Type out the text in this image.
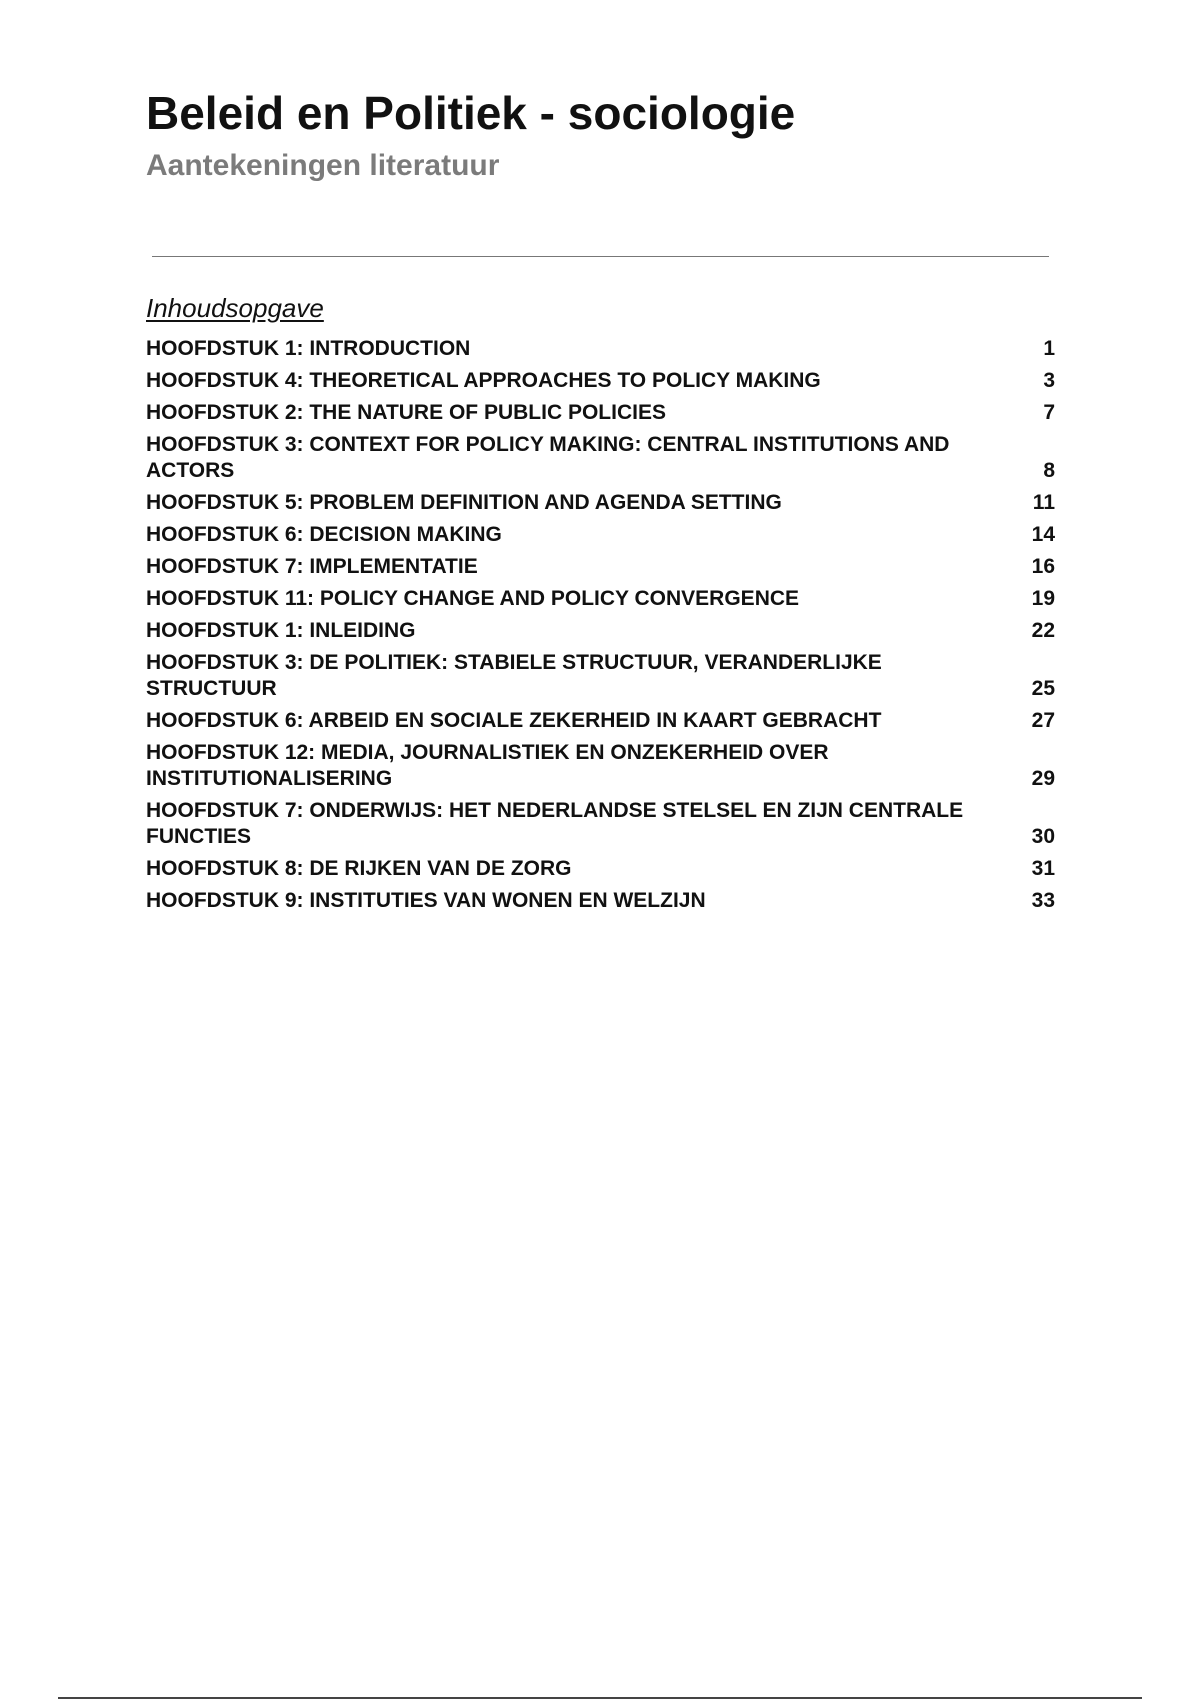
Beleid en Politiek - sociologie
Aantekeningen literatuur
Inhoudsopgave
HOOFDSTUK 1: INTRODUCTION	1
HOOFDSTUK 4: THEORETICAL APPROACHES TO POLICY MAKING	3
HOOFDSTUK 2: THE NATURE OF PUBLIC POLICIES	7
HOOFDSTUK 3: CONTEXT FOR POLICY MAKING: CENTRAL INSTITUTIONS AND ACTORS	8
HOOFDSTUK 5: PROBLEM DEFINITION AND AGENDA SETTING	11
HOOFDSTUK 6: DECISION MAKING	14
HOOFDSTUK 7: IMPLEMENTATIE	16
HOOFDSTUK 11: POLICY CHANGE AND POLICY CONVERGENCE	19
HOOFDSTUK 1: INLEIDING	22
HOOFDSTUK 3: DE POLITIEK: STABIELE STRUCTUUR, VERANDERLIJKE STRUCTUUR	25
HOOFDSTUK 6: ARBEID EN SOCIALE ZEKERHEID IN KAART GEBRACHT	27
HOOFDSTUK 12: MEDIA, JOURNALISTIEK EN ONZEKERHEID OVER INSTITUTIONALISERING	29
HOOFDSTUK 7: ONDERWIJS: HET NEDERLANDSE STELSEL EN ZIJN CENTRALE FUNCTIES	30
HOOFDSTUK 8: DE RIJKEN VAN DE ZORG	31
HOOFDSTUK 9: INSTITUTIES VAN WONEN EN WELZIJN	33
